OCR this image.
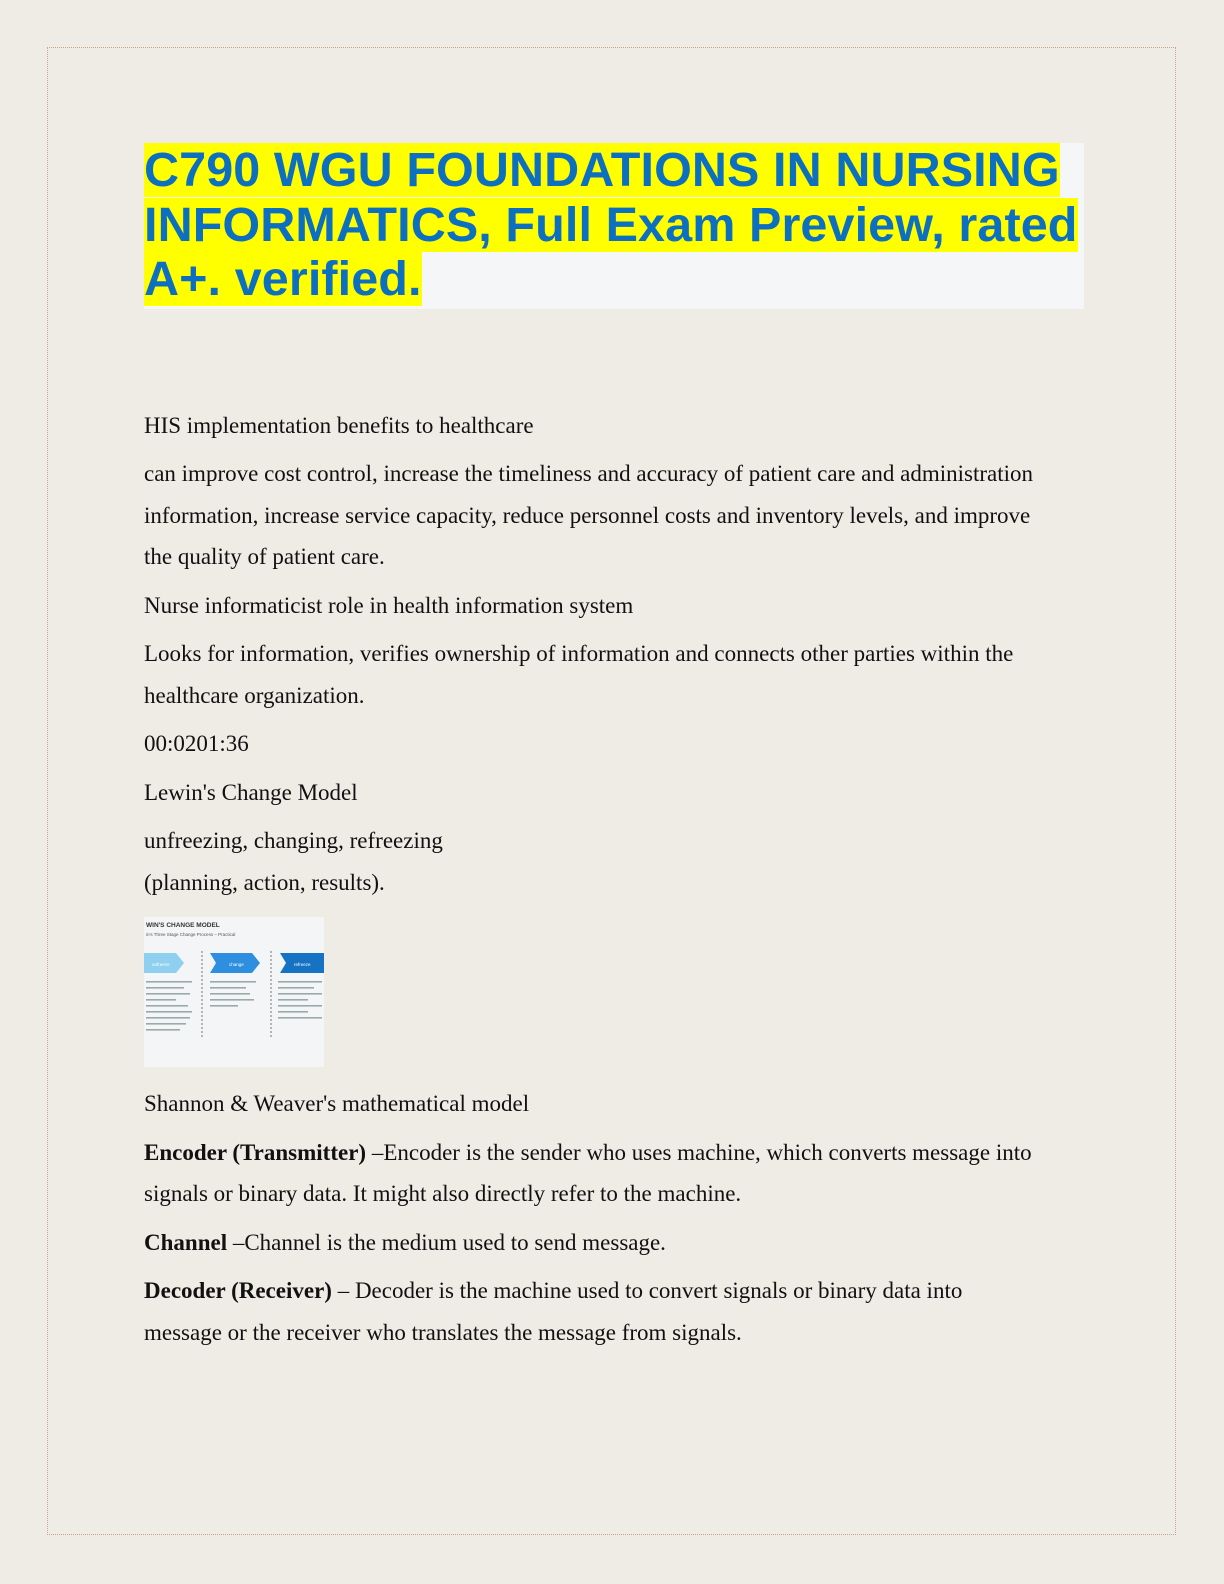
C790 WGU FOUNDATIONS IN NURSING
INFORMATICS, Full Exam Preview, rated
A+. verified.

HIS implementation benefits to healthcare

can improve cost control, increase the timeliness and accuracy of patient care and administration

information, increase service capacity, reduce personnel costs and inventory levels, and improve

the quality of patient care.

Nurse informaticist role in health information system

Looks for information, verifies ownership of information and connects other parties within the

healthcare organization.

00:0201:36

Lewin's Change Model

unfreezing, changing, refreezing

(planning, action, results).

WIN'S CHANGE MODEL
in's Three Stage Change Process – Practical
unfreeze	change	refreeze

Shannon & Weaver's mathematical model

Encoder (Transmitter) –Encoder is the sender who uses machine, which converts message into

signals or binary data. It might also directly refer to the machine.

Channel –Channel is the medium used to send message.

Decoder (Receiver) – Decoder is the machine used to convert signals or binary data into

message or the receiver who translates the message from signals.
